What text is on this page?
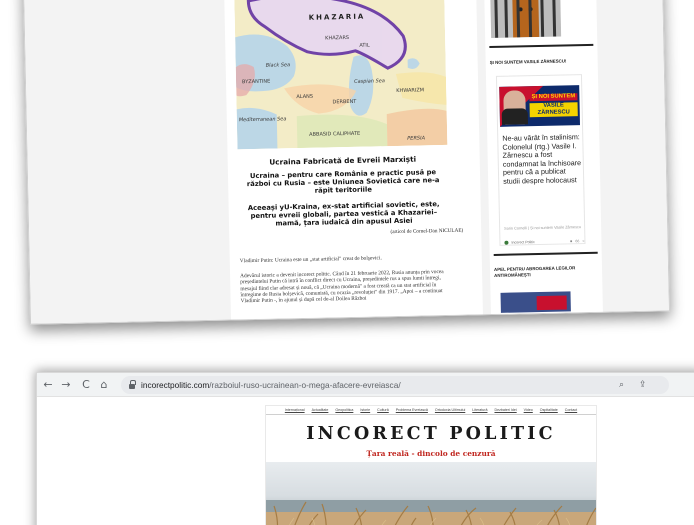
KHAZARIA
Black Sea
BYZANTINE	Caspian Sea
KHWARIZM
Mediterranean Sea
ABBASID CALIPHATE
PERSIA
ALANS
KHAZARS
DERBENT
ATIL
Ucraina Fabricată de Evreii Marxiști
Ucraina – pentru care România e practic pusă pe război cu Rusia – este Uniunea Sovietică care ne-a răpit teritoriile
Aceeași yU-Kraina, ex-stat artificial sovietic, este, pentru evreii globali, partea vestică a Khazariei–mamă, țara iudaică din apusul Asiei
(articol de Cornel-Dan NICULAE)
Vladimir Putin: Ucraina este un „stat artificial" creat de bolşevici.
Adevărul istoric a devenit incorect politic. Când în 21 februarie 2022, Rusia anunța prin vocea președintelui Putin că intră în conflict direct cu Ucraina, președintele rus a spus lumii întregi, mesajul fiind clar adresat și nouă, că „Ucraina modernă" a fost creată ca un stat artificial în întregime de Rusia bolșevică, comunistă, cu ocazia „revoluției" din 1917. „Apoi – a continuat Vladimir Putin -, în ajunul și după cel de-al Doilea Război
ȘI NOI SUNTEM VASILE ZĂRNESCU!
ȘI NOI SUNTEM
VASILE ZĂRNESCU
Ne-au vârât în stalinism: Colonelul (rtg.) Vasile I. Zărnescu a fost condamnat la închisoare pentru că a publicat studii despre holocaust
Sorin Cornelli | Și noi suntem Vasile Zărnescu
Incorect Politic	■ 66 <
APEL PENTRU ABROGAREA LEGILOR ANTIROMÂNEȘTI
← → C ⌂	incorectpolitic.com/razboiul-ruso-ucrainean-o-mega-afacere-evreiasca/	⌕ ⇪
Internațional Actualitate Geopolitica Istorie Cultură Problema Evreiască Ortodoxia Ultimului Literatură Dezbateri Idei Video Ospitalitate Contact
INCORECT POLITIC
Țara reală - dincolo de cenzură
